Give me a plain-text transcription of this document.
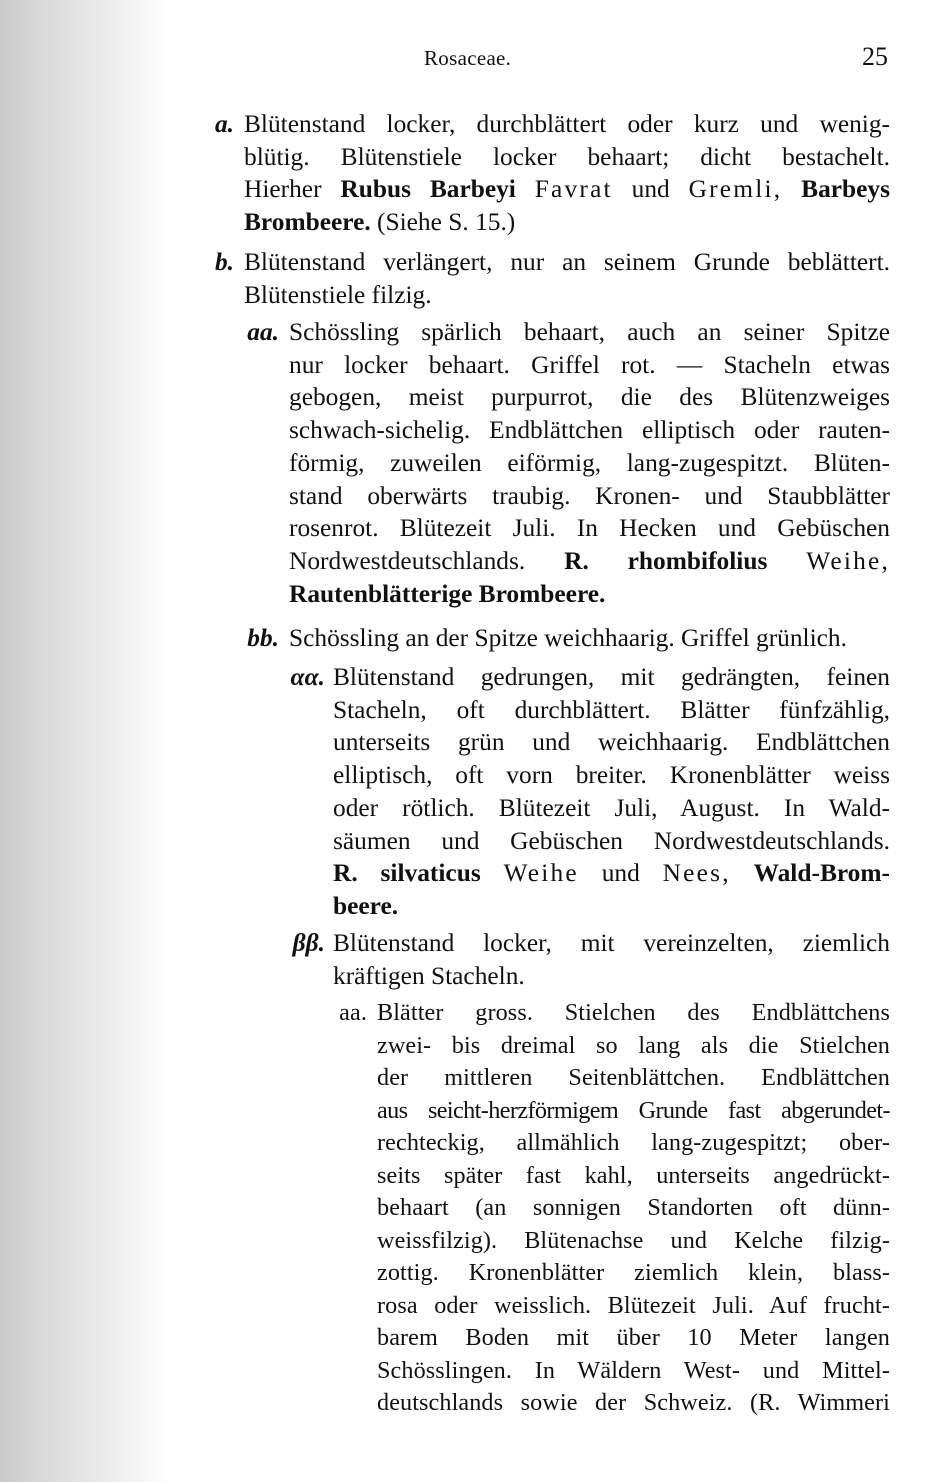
Rosaceae.	25
a. Blütenstand locker, durchblättert oder kurz und wenig-
blütig. Blütenstiele locker behaart; dicht bestachelt.
Hierher Rubus Barbeyi Favrat und Gremli, Barbeys
Brombeere. (Siehe S. 15.)
b. Blütenstand verlängert, nur an seinem Grunde beblättert.
Blütenstiele filzig.
aa. Schössling spärlich behaart, auch an seiner Spitze
nur locker behaart. Griffel rot. — Stacheln etwas
gebogen, meist purpurrot, die des Blütenzweiges
schwach-sichelig. Endblättchen elliptisch oder rauten-
förmig, zuweilen eiförmig, lang-zugespitzt. Blüten-
stand oberwärts traubig. Kronen- und Staubblätter
rosenrot. Blütezeit Juli. In Hecken und Gebüschen
Nordwestdeutschlands. R. rhombifolius Weihe,
Rautenblätterige Brombeere.
bb. Schössling an der Spitze weichhaarig. Griffel grünlich.
αα. Blütenstand gedrungen, mit gedrängten, feinen
Stacheln, oft durchblättert. Blätter fünfzählig,
unterseits grün und weichhaarig. Endblättchen
elliptisch, oft vorn breiter. Kronenblätter weiss
oder rötlich. Blütezeit Juli, August. In Wald-
säumen und Gebüschen Nordwestdeutschlands.
R. silvaticus Weihe und Nees, Wald-Brom-
beere.
ββ. Blütenstand locker, mit vereinzelten, ziemlich
kräftigen Stacheln.
aa. Blätter gross. Stielchen des Endblättchens
zwei- bis dreimal so lang als die Stielchen
der mittleren Seitenblättchen. Endblättchen
aus seicht-herzförmigem Grunde fast abgerundet-
rechteckig, allmählich lang-zugespitzt; ober-
seits später fast kahl, unterseits angedrückt-
behaart (an sonnigen Standorten oft dünn-
weissfilzig). Blütenachse und Kelche filzig-
zottig. Kronenblätter ziemlich klein, blass-
rosa oder weisslich. Blütezeit Juli. Auf frucht-
barem Boden mit über 10 Meter langen
Schösslingen. In Wäldern West- und Mittel-
deutschlands sowie der Schweiz. (R. Wimmeri
